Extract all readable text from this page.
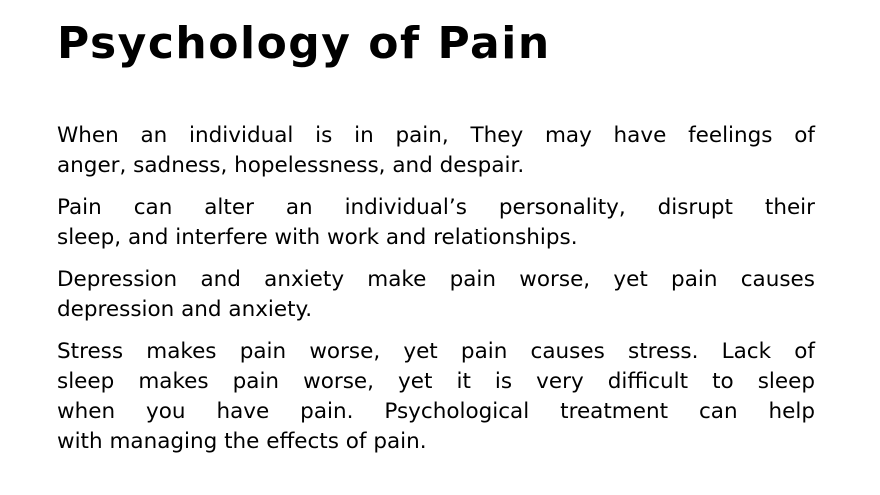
Psychology of Pain

When an individual is in pain, They may have feelings of
anger, sadness, hopelessness, and despair.

Pain can alter an individual’s personality, disrupt their
sleep, and interfere with work and relationships.

Depression and anxiety make pain worse, yet pain causes
depression and anxiety.

Stress makes pain worse, yet pain causes stress. Lack of
sleep makes pain worse, yet it is very difficult to sleep
when you have pain. Psychological treatment can help
with managing the effects of pain.
